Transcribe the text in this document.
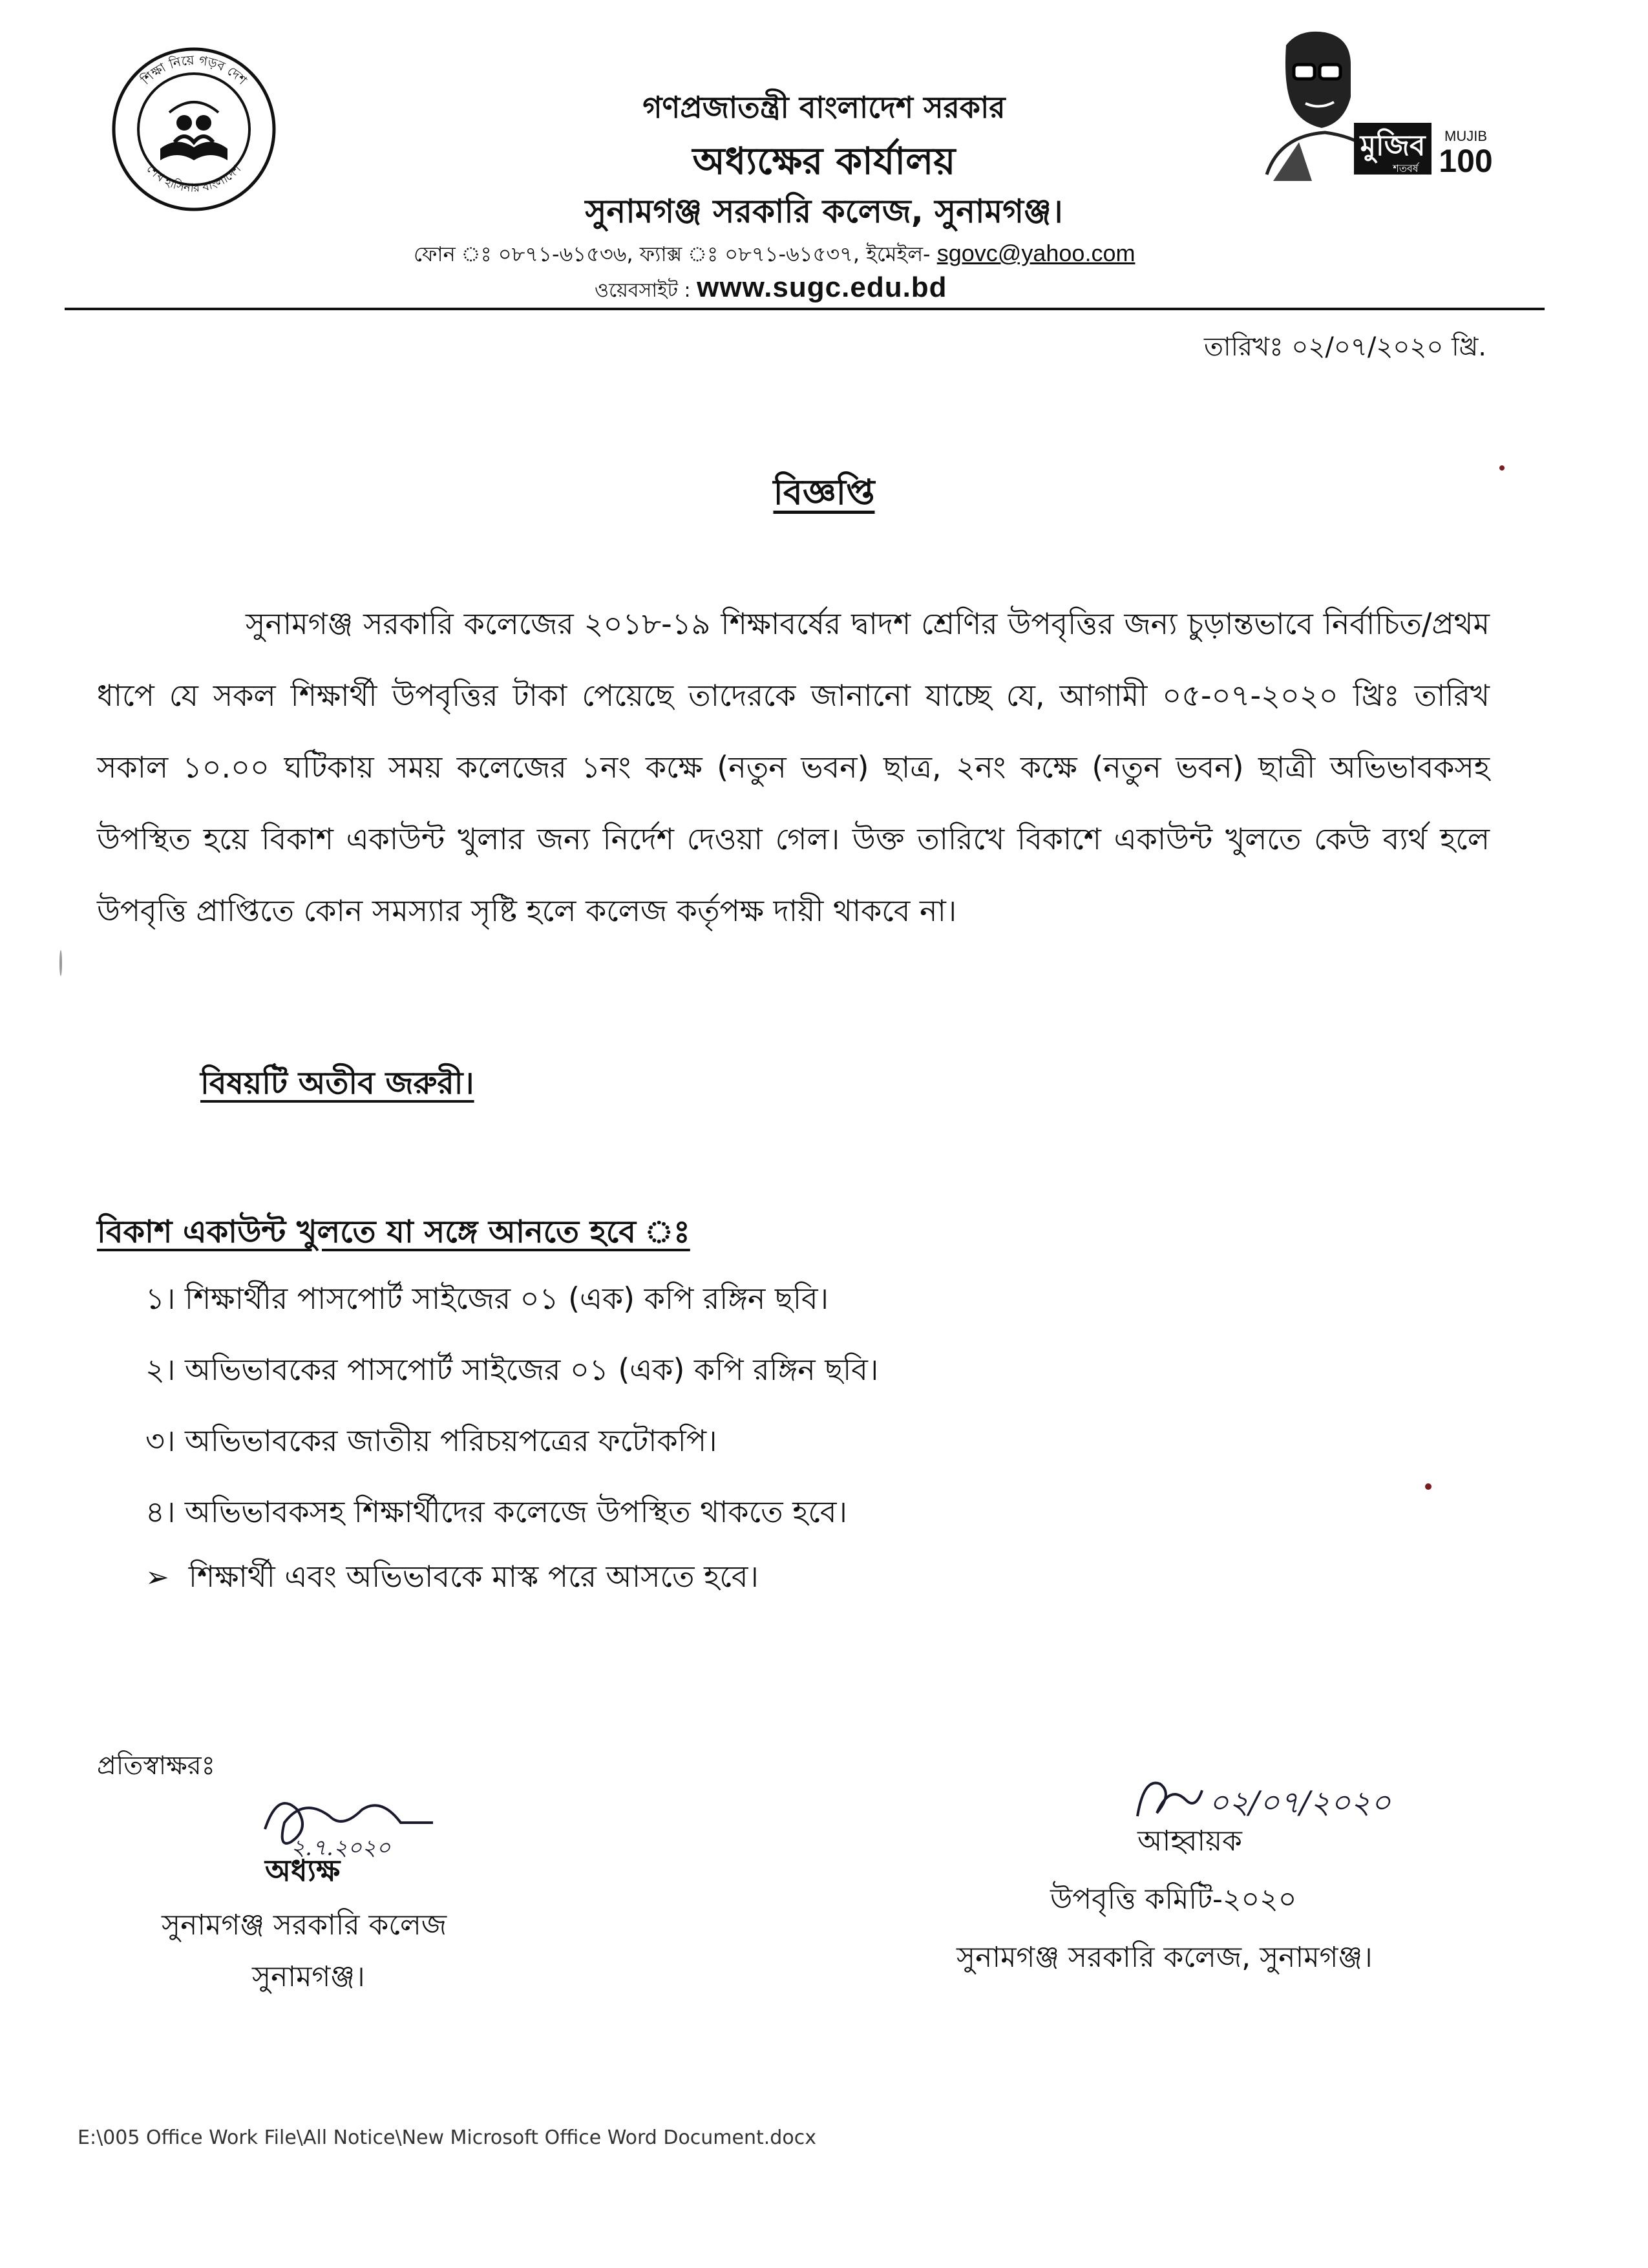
শিক্ষা নিয়ে গড়ব দেশ
শেখ হাসিনার বাংলাদেশ
মুজিব
শতবর্ষ
MUJIB
100
গণপ্রজাতন্ত্রী বাংলাদেশ সরকার
অধ্যক্ষের কার্যালয়
সুনামগঞ্জ সরকারি কলেজ, সুনামগঞ্জ।
ফোন ঃ ০৮৭১-৬১৫৩৬, ফ্যাক্স ঃ ০৮৭১-৬১৫৩৭, ইমেইল- sgovc@yahoo.com
ওয়েবসাইট : www.sugc.edu.bd
তারিখঃ ০২/০৭/২০২০ খ্রি.
বিজ্ঞপ্তি
সুনামগঞ্জ সরকারি কলেজের ২০১৮-১৯ শিক্ষাবর্ষের দ্বাদশ শ্রেণির উপবৃত্তির জন্য চুড়ান্তভাবে নির্বাচিত/প্রথম ধাপে যে সকল শিক্ষার্থী উপবৃত্তির টাকা পেয়েছে তাদেরকে জানানো যাচ্ছে যে, আগামী ০৫-০৭-২০২০ খ্রিঃ তারিখ সকাল ১০.০০ ঘটিকায় সময় কলেজের ১নং কক্ষে (নতুন ভবন) ছাত্র, ২নং কক্ষে (নতুন ভবন) ছাত্রী অভিভাবকসহ উপস্থিত হয়ে বিকাশ একাউন্ট খুলার জন্য নির্দেশ দেওয়া গেল। উক্ত তারিখে বিকাশে একাউন্ট খুলতে কেউ ব্যর্থ হলে উপবৃত্তি প্রাপ্তিতে কোন সমস্যার সৃষ্টি হলে কলেজ কর্তৃপক্ষ দায়ী থাকবে না।
বিষয়টি অতীব জরুরী।
বিকাশ একাউন্ট খুলতে যা সঙ্গে আনতে হবে ঃ
১। শিক্ষার্থীর পাসপোর্ট সাইজের ০১ (এক) কপি রঙ্গিন ছবি।
২। অভিভাবকের পাসপোর্ট সাইজের ০১ (এক) কপি রঙ্গিন ছবি।
৩। অভিভাবকের জাতীয় পরিচয়পত্রের ফটোকপি।
৪। অভিভাবকসহ শিক্ষার্থীদের কলেজে উপস্থিত থাকতে হবে।
➢ শিক্ষার্থী এবং অভিভাবকে মাস্ক পরে আসতে হবে।
প্রতিস্বাক্ষরঃ
২.৭.২০২০
অধ্যক্ষ
সুনামগঞ্জ সরকারি কলেজ
সুনামগঞ্জ।
০২/০৭/২০২০
আহ্বায়ক
উপবৃত্তি কমিটি-২০২০
সুনামগঞ্জ সরকারি কলেজ, সুনামগঞ্জ।
E:\005 Office Work File\All Notice\New Microsoft Office Word Document.docx
